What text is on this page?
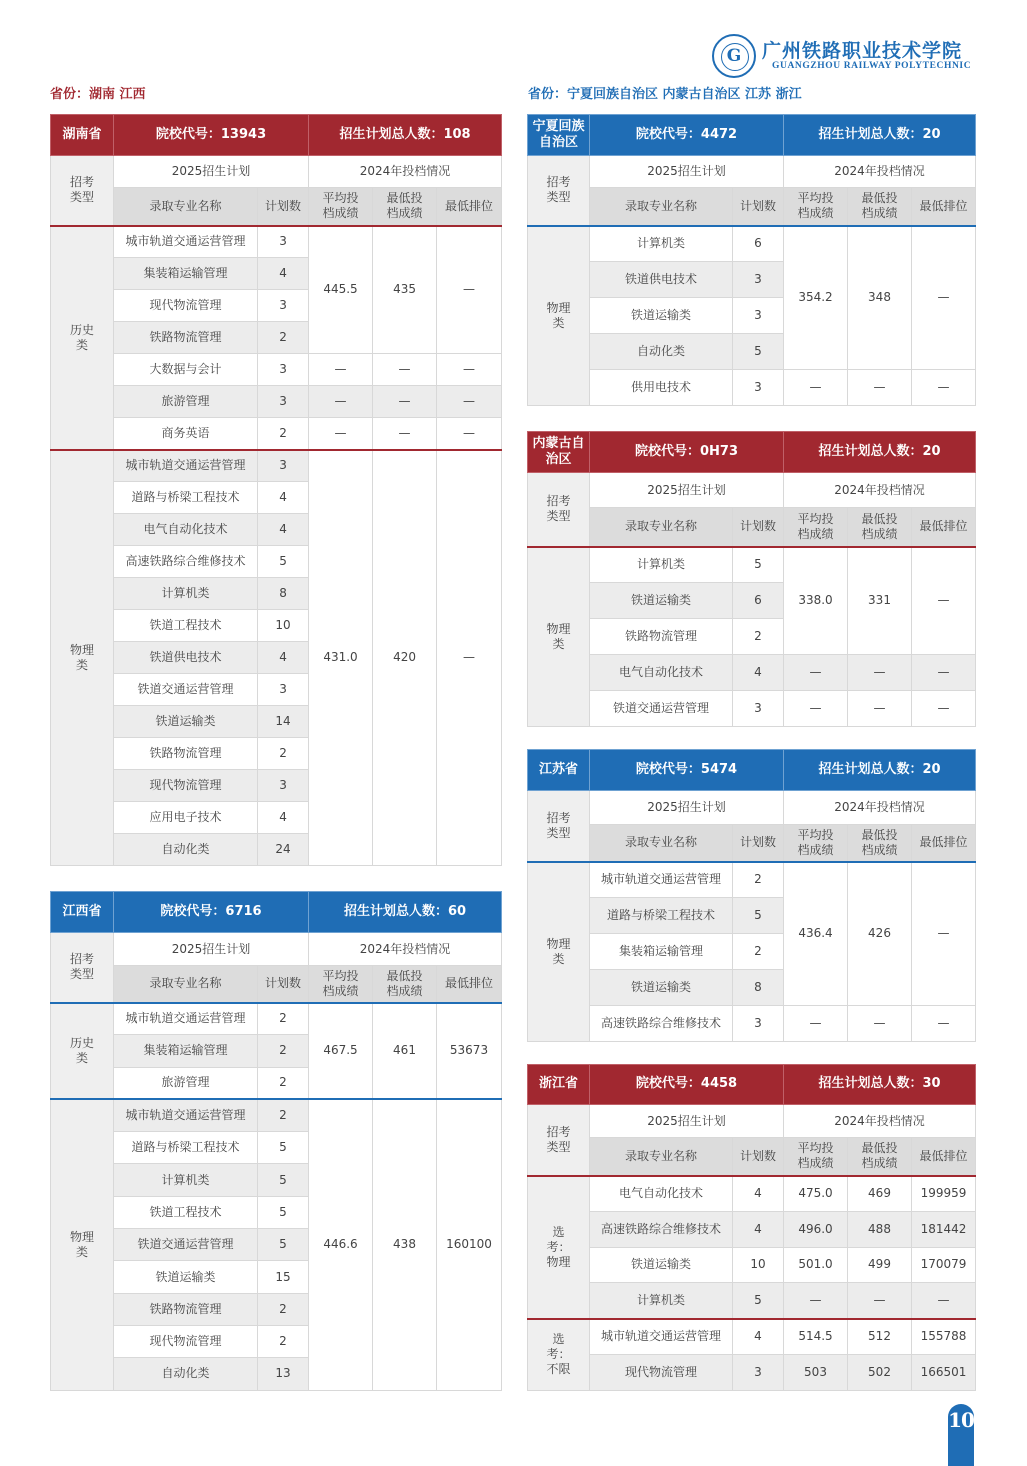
G	广州铁路职业技术学院
GUANGZHOU RAILWAY POLYTECHNIC
省份：湖南 江西	省份：宁夏回族自治区 内蒙古自治区 江苏 浙江
湖南省	院校代号：13943		招生计划总人数：108		
招考类型	2025招生计划		2024年投档情况		
	录取专业名称	计划数	平均投档成绩	最低投档成绩	最低排位
历史类	城市轨道交通运营管理	3	445.5	435	—
	集装箱运输管理	4			
	现代物流管理	3			
	铁路物流管理	2			
	大数据与会计	3	—	—	—
	旅游管理	3	—	—	—
	商务英语	2	—	—	—
物理类	城市轨道交通运营管理	3	431.0	420	—
	道路与桥梁工程技术	4			
	电气自动化技术	4			
	高速铁路综合维修技术	5			
	计算机类	8			
	铁道工程技术	10			
	铁道供电技术	4			
	铁道交通运营管理	3			
	铁道运输类	14			
	铁路物流管理	2			
	现代物流管理	3			
	应用电子技术	4			
	自动化类	24			
江西省	院校代号：6716		招生计划总人数：60		
招考类型	2025招生计划		2024年投档情况		
	录取专业名称	计划数	平均投档成绩	最低投档成绩	最低排位
历史类	城市轨道交通运营管理	2	467.5	461	53673
	集装箱运输管理	2			
	旅游管理	2			
物理类	城市轨道交通运营管理	2	446.6	438	160100
	道路与桥梁工程技术	5			
	计算机类	5			
	铁道工程技术	5			
	铁道交通运营管理	5			
	铁道运输类	15			
	铁路物流管理	2			
	现代物流管理	2			
	自动化类	13			
宁夏回族自治区	院校代号：4472		招生计划总人数：20		
招考类型	2025招生计划		2024年投档情况		
	录取专业名称	计划数	平均投档成绩	最低投档成绩	最低排位
物理类	计算机类	6	354.2	348	—
	铁道供电技术	3			
	铁道运输类	3			
	自动化类	5			
	供用电技术	3	—	—	—
内蒙古自治区	院校代号：0H73		招生计划总人数：20		
招考类型	2025招生计划		2024年投档情况		
	录取专业名称	计划数	平均投档成绩	最低投档成绩	最低排位
物理类	计算机类	5	338.0	331	—
	铁道运输类	6			
	铁路物流管理	2			
	电气自动化技术	4	—	—	—
	铁道交通运营管理	3	—	—	—
江苏省	院校代号：5474		招生计划总人数：20		
招考类型	2025招生计划		2024年投档情况		
	录取专业名称	计划数	平均投档成绩	最低投档成绩	最低排位
物理类	城市轨道交通运营管理	2	436.4	426	—
	道路与桥梁工程技术	5			
	集装箱运输管理	2			
	铁道运输类	8			
	高速铁路综合维修技术	3	—	—	—
浙江省	院校代号：4458		招生计划总人数：30		
招考类型	2025招生计划		2024年投档情况		
	录取专业名称	计划数	平均投档成绩	最低投档成绩	最低排位
选考：物理	电气自动化技术	4	475.0	469	199959
	高速铁路综合维修技术	4	496.0	488	181442
	铁道运输类	10	501.0	499	170079
	计算机类	5	—	—	—
选考：不限	城市轨道交通运营管理	4	514.5	512	155788
	现代物流管理	3	503	502	166501
10
